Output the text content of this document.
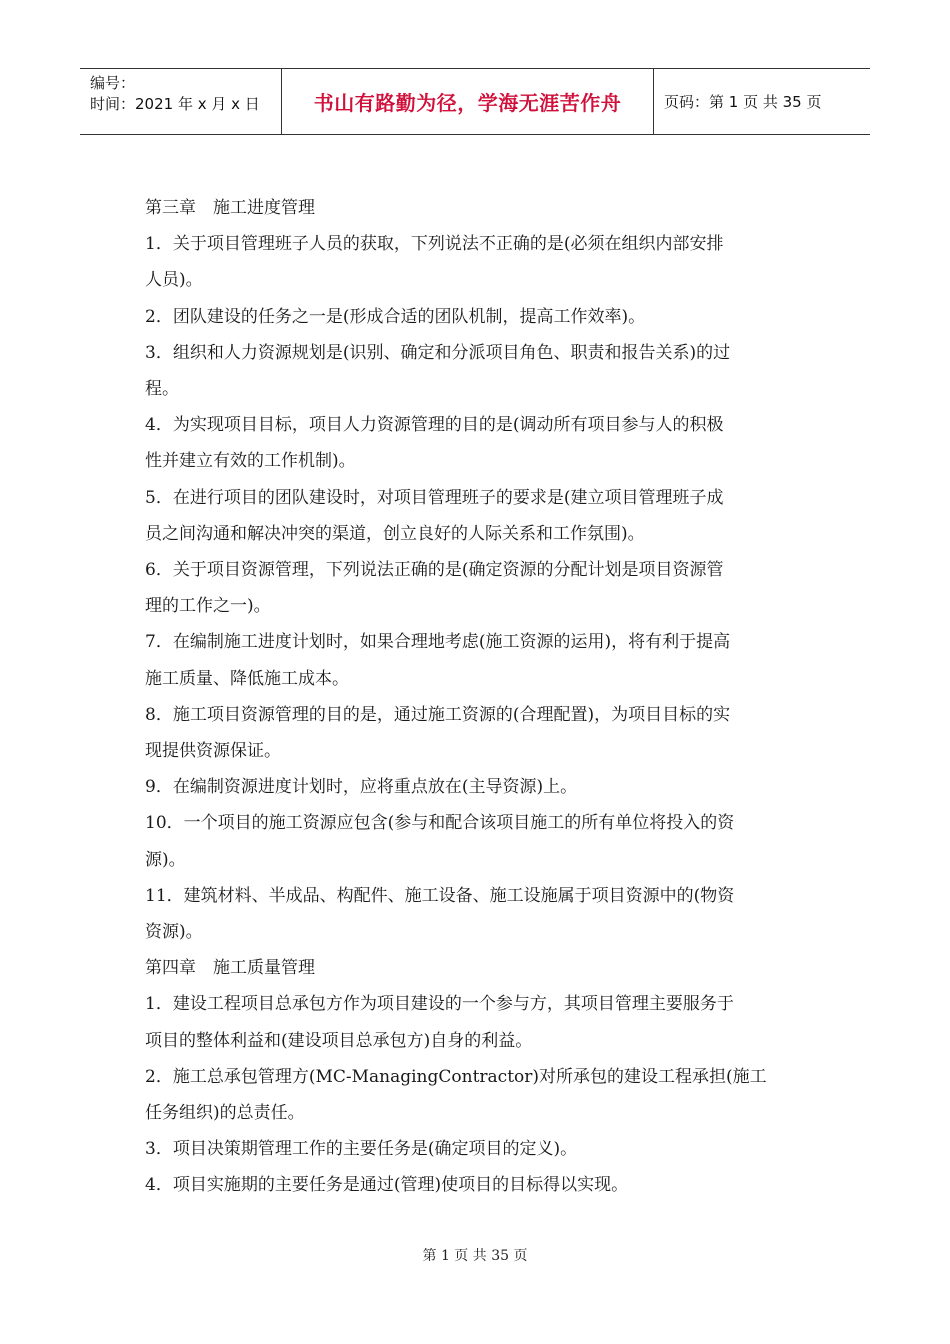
编号：
时间：2021 年 x 月 x 日	书山有路勤为径，学海无涯苦作舟	页码：第 1 页 共 35 页

第三章　施工进度管理

1．关于项目管理班子人员的获取，下列说法不正确的是(必须在组织内部安排

人员)。

2．团队建设的任务之一是(形成合适的团队机制，提高工作效率)。

3．组织和人力资源规划是(识别、确定和分派项目角色、职责和报告关系)的过

程。

4．为实现项目目标，项目人力资源管理的目的是(调动所有项目参与人的积极

性并建立有效的工作机制)。

5．在进行项目的团队建设时，对项目管理班子的要求是(建立项目管理班子成

员之间沟通和解决冲突的渠道，创立良好的人际关系和工作氛围)。

6．关于项目资源管理，下列说法正确的是(确定资源的分配计划是项目资源管

理的工作之一)。

7．在编制施工进度计划时，如果合理地考虑(施工资源的运用)，将有利于提高

施工质量、降低施工成本。

8．施工项目资源管理的目的是，通过施工资源的(合理配置)，为项目目标的实

现提供资源保证。

9．在编制资源进度计划时，应将重点放在(主导资源)上。

10．一个项目的施工资源应包含(参与和配合该项目施工的所有单位将投入的资

源)。

11．建筑材料、半成品、构配件、施工设备、施工设施属于项目资源中的(物资

资源)。

第四章　施工质量管理

1．建设工程项目总承包方作为项目建设的一个参与方，其项目管理主要服务于

项目的整体利益和(建设项目总承包方)自身的利益。

2．施工总承包管理方(MC-ManagingContractor)对所承包的建设工程承担(施工

任务组织)的总责任。

3．项目决策期管理工作的主要任务是(确定项目的定义)。

4．项目实施期的主要任务是通过(管理)使项目的目标得以实现。

第 1 页 共 35 页
